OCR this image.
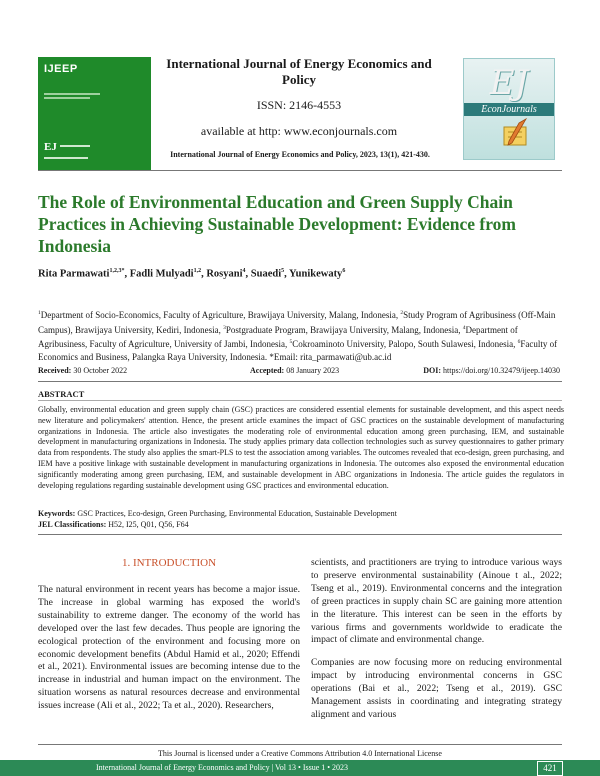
IJEEP
EJ
International Journal of Energy Economics and Policy
ISSN: 2146-4553
available at http: www.econjournals.com
International Journal of Energy Economics and Policy, 2023, 13(1), 421-430.
EJ
EconJournals
The Role of Environmental Education and Green Supply Chain Practices in Achieving Sustainable Development: Evidence from Indonesia
Rita Parmawati$^{1,2,3*}$, Fadli Mulyadi$^{1,2}$, Rosyani$^4$, Suaedi$^5$, Yunikewaty$^6$
$^1$Department of Socio-Economics, Faculty of Agriculture, Brawijaya University, Malang, Indonesia, $^2$Study Program of Agribusiness (Off-Main Campus), Brawijaya University, Kediri, Indonesia, $^3$Postgraduate Program, Brawijaya University, Malang, Indonesia, $^4$Department of Agribusiness, Faculty of Agriculture, University of Jambi, Indonesia, $^5$Cokroaminoto University, Palopo, South Sulawesi, Indonesia, $^6$Faculty of Economics and Business, Palangka Raya University, Indonesia. *Email: rita_parmawati@ub.ac.id
Received: 30 October 2022	Accepted: 08 January 2023	DOI: https://doi.org/10.32479/ijeep.14030
ABSTRACT
Globally, environmental education and green supply chain (GSC) practices are considered essential elements for sustainable development, and this aspect needs new literature and policymakers' attention. Hence, the present article examines the impact of GSC practices on the sustainable development of manufacturing organizations in Indonesia. The article also investigates the moderating role of environmental education among green purchasing, IEM, and sustainable development in manufacturing organizations in Indonesia. The study applies primary data collection technologies such as survey questionnaires to gather primary data from respondents. The study also applies the smart-PLS to test the association among variables. The outcomes revealed that eco-design, green purchasing, and IEM have a positive linkage with sustainable development in manufacturing organizations in Indonesia. The outcomes also exposed the environmental education significantly moderating among green purchasing, IEM, and sustainable development in ABC organizations in Indonesia. The article guides the regulators in developing regulations regarding sustainable development using GSC practices and environmental education.
Keywords: GSC Practices, Eco-design, Green Purchasing, Environmental Education, Sustainable Development
JEL Classifications: H52, I25, Q01, Q56, F64
1. INTRODUCTION
The natural environment in recent years has become a major issue. The increase in global warming has exposed the world's sustainability to extreme danger. The economy of the world has developed over the last few decades. Thus people are ignoring the ecological protection of the environment and focusing more on economic development benefits (Abdul Hamid et al., 2020; Effendi et al., 2021). Environmental issues are becoming intense due to the increase in industrial and human impact on the environment. The situation worsens as natural resources decrease and environmental issues increase (Ali et al., 2022; Ta et al., 2020). Researchers,

scientists, and practitioners are trying to introduce various ways to preserve environmental sustainability (Ainoue t al., 2022; Tseng et al., 2019). Environmental concerns and the integration of green practices in supply chain SC are gaining more attention in the literature. This interest can be seen in the efforts by various firms and governments worldwide to eradicate the impact of climate and environmental change.

Companies are now focusing more on reducing environmental impact by introducing environmental concerns in GSC operations (Bai et al., 2022; Tseng et al., 2019). GSC Management assists in coordinating and integrating strategy alignment and various

This Journal is licensed under a Creative Commons Attribution 4.0 International License
International Journal of Energy Economics and Policy | Vol 13 • Issue 1 • 2023	421
